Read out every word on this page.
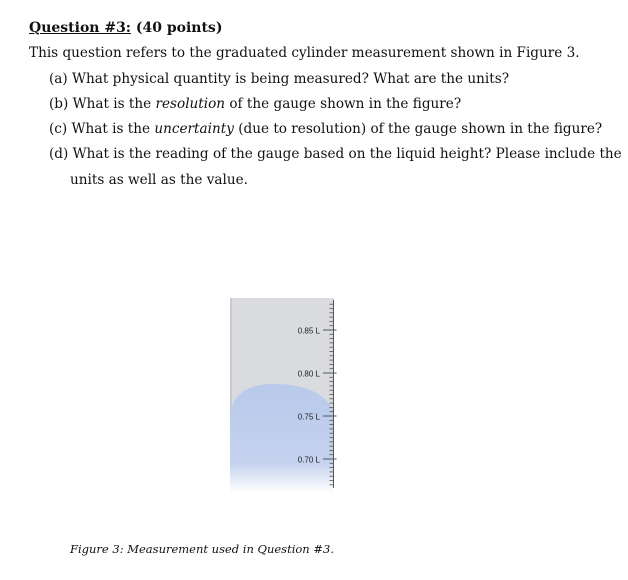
Question #3: (40 points)
This question refers to the graduated cylinder measurement shown in Figure 3.
(a) What physical quantity is being measured? What are the units?
(b) What is the resolution of the gauge shown in the figure?
(c) What is the uncertainty (due to resolution) of the gauge shown in the figure?
(d) What is the reading of the gauge based on the liquid height? Please include the
units as well as the value.
0.85 L
0.80 L
0.75 L
0.70 L
Figure 3: Measurement used in Question #3.
